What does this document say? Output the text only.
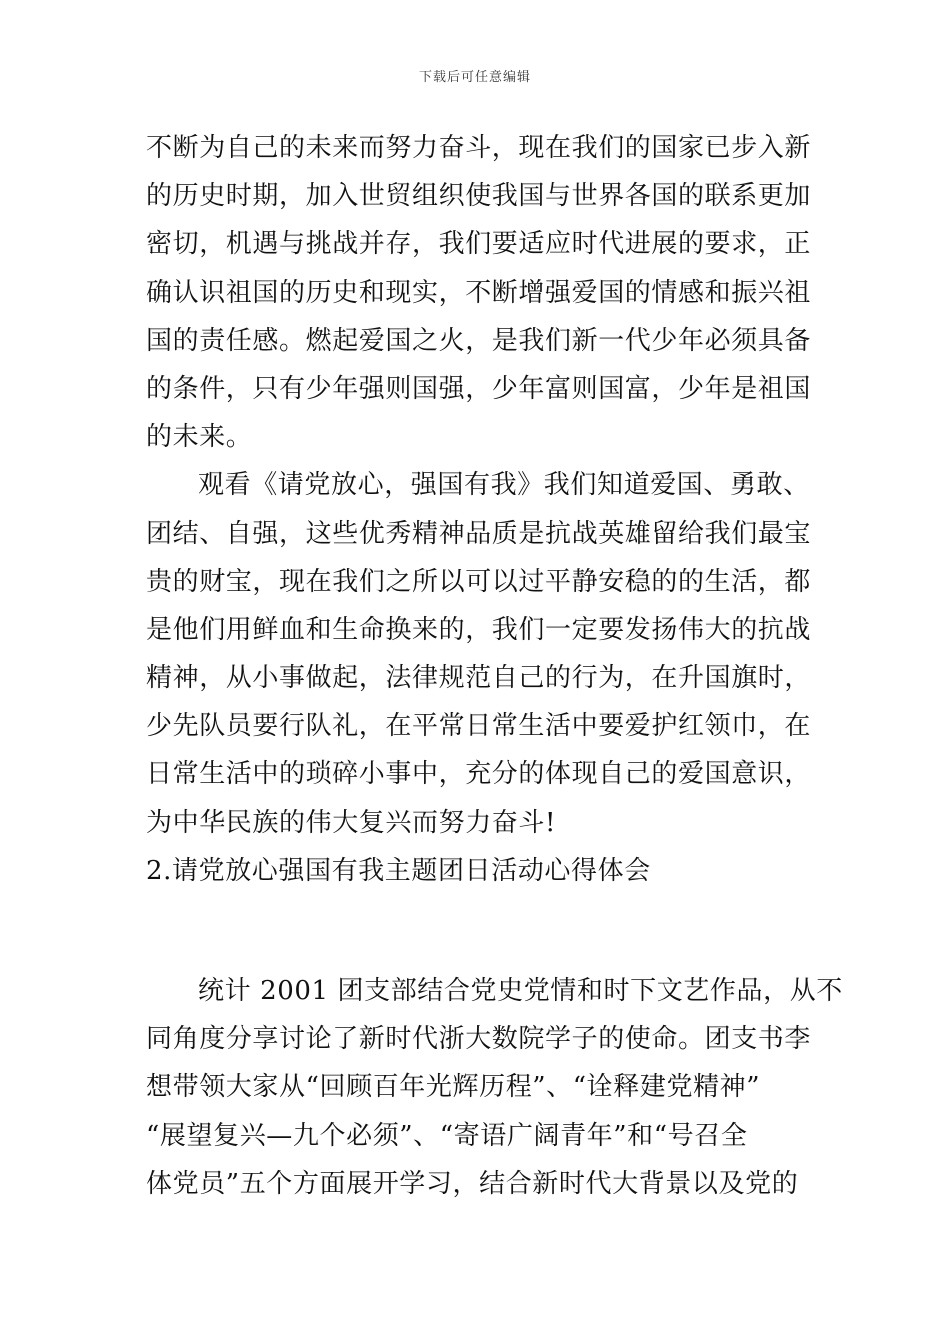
下载后可任意编辑
不断为自己的未来而努力奋斗，现在我们的国家已步入新
的历史时期，加入世贸组织使我国与世界各国的联系更加
密切，机遇与挑战并存，我们要适应时代进展的要求，正
确认识祖国的历史和现实，不断增强爱国的情感和振兴祖
国的责任感。燃起爱国之火，是我们新一代少年必须具备
的条件，只有少年强则国强，少年富则国富，少年是祖国
的未来。
观看《请党放心，强国有我》我们知道爱国、勇敢、
团结、自强，这些优秀精神品质是抗战英雄留给我们最宝
贵的财宝，现在我们之所以可以过平静安稳的的生活，都
是他们用鲜血和生命换来的，我们一定要发扬伟大的抗战
精神，从小事做起，法律规范自己的行为，在升国旗时，
少先队员要行队礼，在平常日常生活中要爱护红领巾，在
日常生活中的琐碎小事中，充分的体现自己的爱国意识，
为中华民族的伟大复兴而努力奋斗!
2.请党放心强国有我主题团日活动心得体会
统计 2001 团支部结合党史党情和时下文艺作品，从不
同角度分享讨论了新时代浙大数院学子的使命。团支书李
想带领大家从“回顾百年光辉历程”、“诠释建党精神”
“展望复兴—九个必须”、“寄语广阔青年”和“号召全
体党员”五个方面展开学习，结合新时代大背景以及党的
